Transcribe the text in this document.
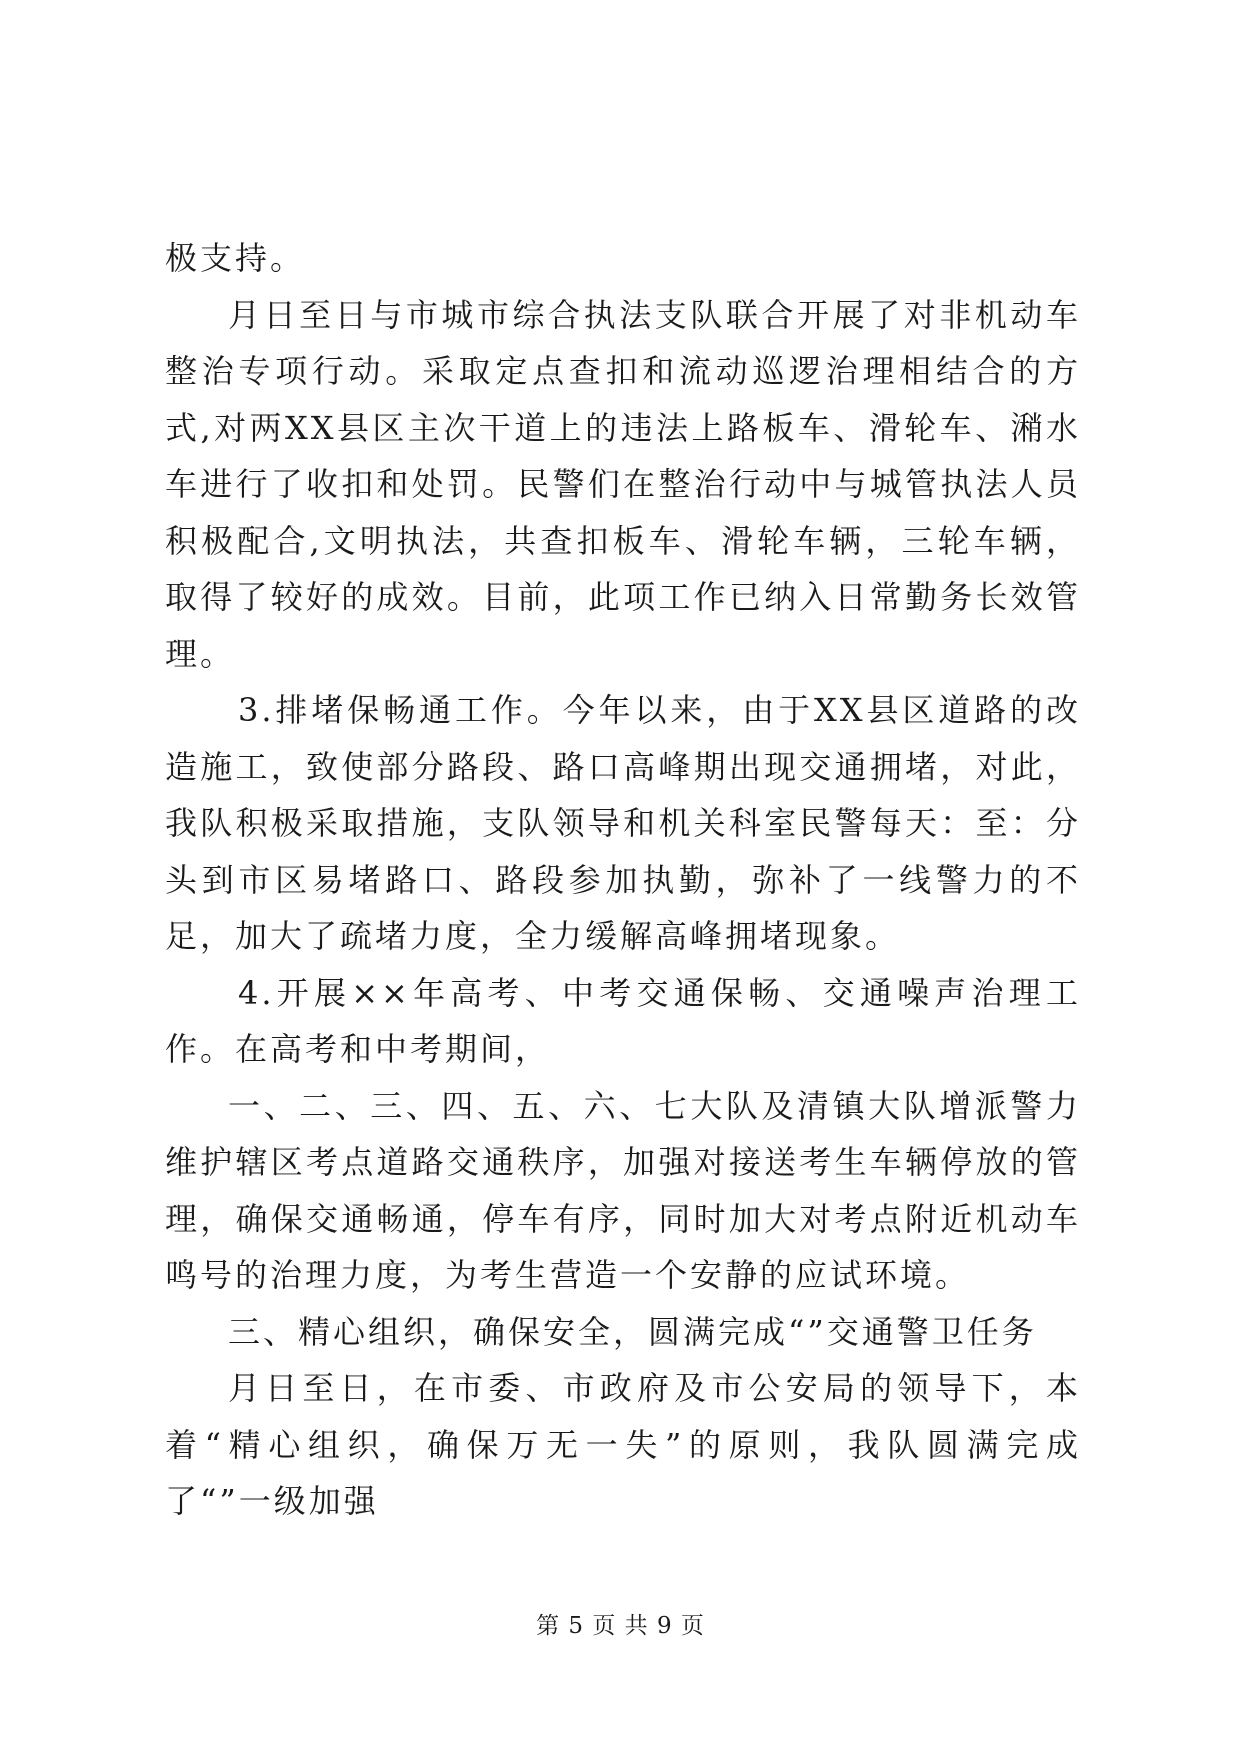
极支持。

月日至日与市城市综合执法支队联合开展了对非机动车整治专项行动。采取定点查扣和流动巡逻治理相结合的方式,对两XX县区主次干道上的违法上路板车、滑轮车、潲水车进行了收扣和处罚。民警们在整治行动中与城管执法人员积极配合,文明执法，共查扣板车、滑轮车辆，三轮车辆，取得了较好的成效。目前，此项工作已纳入日常勤务长效管理。

3.排堵保畅通工作。今年以来，由于XX县区道路的改造施工，致使部分路段、路口高峰期出现交通拥堵，对此，我队积极采取措施，支队领导和机关科室民警每天：至：分头到市区易堵路口、路段参加执勤，弥补了一线警力的不足，加大了疏堵力度，全力缓解高峰拥堵现象。

4.开展××年高考、中考交通保畅、交通噪声治理工作。在高考和中考期间，

一、二、三、四、五、六、七大队及清镇大队增派警力维护辖区考点道路交通秩序，加强对接送考生车辆停放的管理，确保交通畅通，停车有序，同时加大对考点附近机动车鸣号的治理力度，为考生营造一个安静的应试环境。

三、精心组织，确保安全，圆满完成“”交通警卫任务

月日至日，在市委、市政府及市公安局的领导下，本着“精心组织，确保万无一失”的原则，我队圆满完成了“”一级加强

第 5 页 共 9 页
